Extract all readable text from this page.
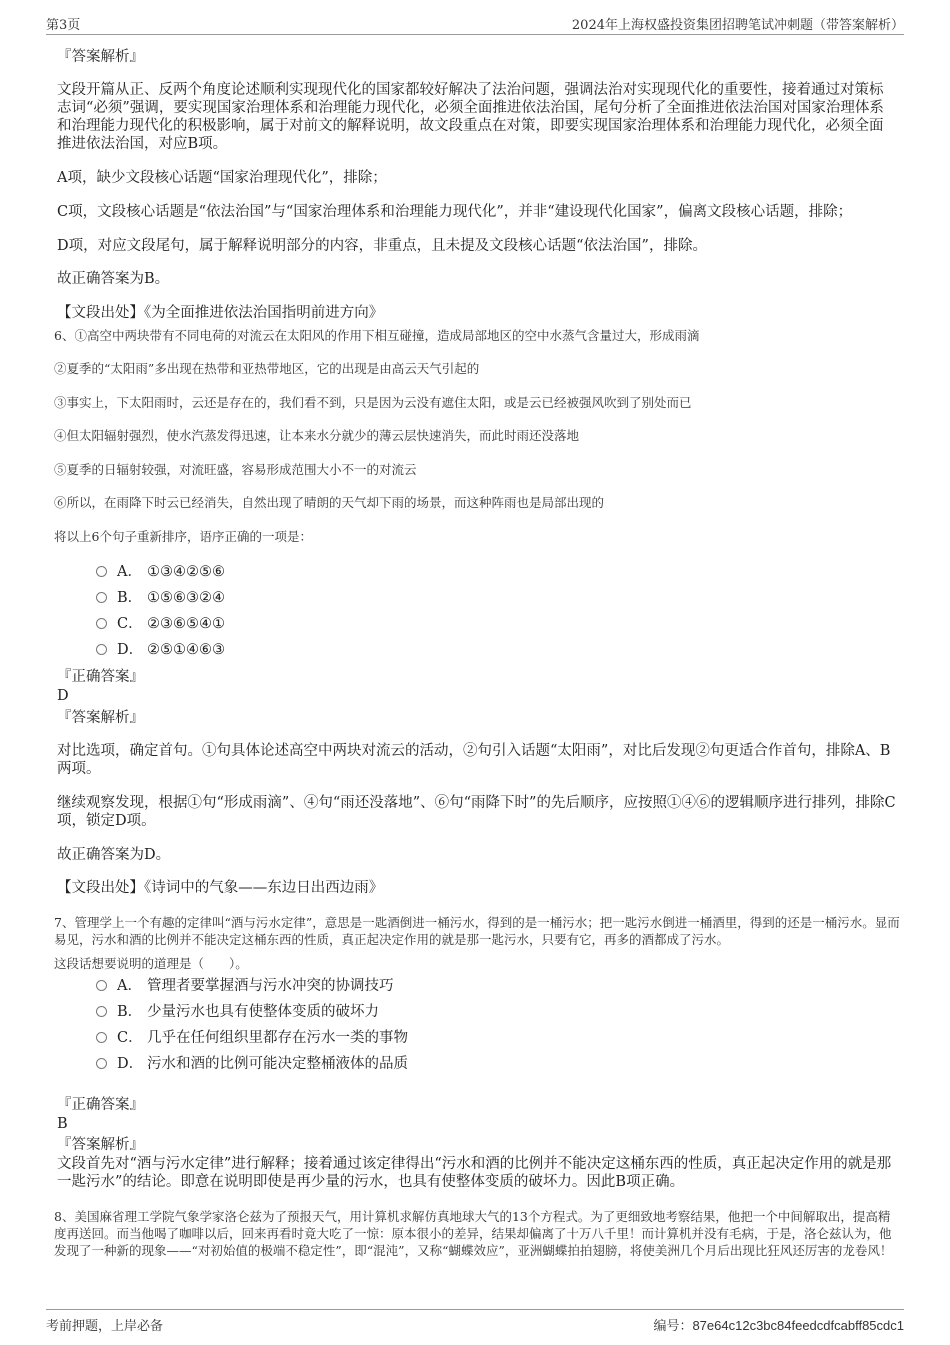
第3页	2024年上海权盛投资集团招聘笔试冲刺题（带答案解析）
『答案解析』
文段开篇从正、反两个角度论述顺利实现现代化的国家都较好解决了法治问题，强调法治对实现现代化的重要性，接着通过对策标志词“必须”强调，要实现国家治理体系和治理能力现代化，必须全面推进依法治国，尾句分析了全面推进依法治国对国家治理体系和治理能力现代化的积极影响，属于对前文的解释说明，故文段重点在对策，即要实现国家治理体系和治理能力现代化，必须全面推进依法治国，对应B项。
A项，缺少文段核心话题“国家治理现代化”，排除；
C项，文段核心话题是“依法治国”与“国家治理体系和治理能力现代化”，并非“建设现代化国家”，偏离文段核心话题，排除；
D项，对应文段尾句，属于解释说明部分的内容，非重点，且未提及文段核心话题“依法治国”，排除。
故正确答案为B。
【文段出处】《为全面推进依法治国指明前进方向》
6、①高空中两块带有不同电荷的对流云在太阳风的作用下相互碰撞，造成局部地区的空中水蒸气含量过大，形成雨滴
②夏季的“太阳雨”多出现在热带和亚热带地区，它的出现是由高云天气引起的
③事实上，下太阳雨时，云还是存在的，我们看不到，只是因为云没有遮住太阳，或是云已经被强风吹到了别处而已
④但太阳辐射强烈，使水汽蒸发得迅速，让本来水分就少的薄云层快速消失，而此时雨还没落地
⑤夏季的日辐射较强，对流旺盛，容易形成范围大小不一的对流云
⑥所以，在雨降下时云已经消失，自然出现了晴朗的天气却下雨的场景，而这种阵雨也是局部出现的
将以上6个句子重新排序，语序正确的一项是：
A． ①③④②⑤⑥
B． ①⑤⑥③②④
C． ②③⑥⑤④①
D． ②⑤①④⑥③
『正确答案』
D
『答案解析』
对比选项，确定首句。①句具体论述高空中两块对流云的活动，②句引入话题“太阳雨”，对比后发现②句更适合作首句，排除A、B两项。
继续观察发现，根据①句“形成雨滴”、④句“雨还没落地”、⑥句“雨降下时”的先后顺序，应按照①④⑥的逻辑顺序进行排列，排除C项，锁定D项。
故正确答案为D。
【文段出处】《诗词中的气象——东边日出西边雨》
7、管理学上一个有趣的定律叫“酒与污水定律”，意思是一匙酒倒进一桶污水，得到的是一桶污水；把一匙污水倒进一桶酒里，得到的还是一桶污水。显而易见，污水和酒的比例并不能决定这桶东西的性质，真正起决定作用的就是那一匙污水，只要有它，再多的酒都成了污水。
这段话想要说明的道理是（　　）。
A． 管理者要掌握酒与污水冲突的协调技巧
B． 少量污水也具有使整体变质的破坏力
C． 几乎在任何组织里都存在污水一类的事物
D． 污水和酒的比例可能决定整桶液体的品质
『正确答案』
B
『答案解析』
文段首先对“酒与污水定律”进行解释；接着通过该定律得出“污水和酒的比例并不能决定这桶东西的性质，真正起决定作用的就是那一匙污水”的结论。即意在说明即使是再少量的污水，也具有使整体变质的破坏力。因此B项正确。
8、美国麻省理工学院气象学家洛仑兹为了预报天气，用计算机求解仿真地球大气的13个方程式。为了更细致地考察结果，他把一个中间解取出，提高精度再送回。而当他喝了咖啡以后，回来再看时竟大吃了一惊：原本很小的差异，结果却偏离了十万八千里！而计算机并没有毛病，于是，洛仑兹认为，他发现了一种新的现象——“对初始值的极端不稳定性”，即“混沌”，又称“蝴蝶效应”，亚洲蝴蝶拍拍翅膀，将使美洲几个月后出现比狂风还厉害的龙卷风！
考前押题，上岸必备	编号：87e64c12c3bc84feedcdfcabff85cdc1
